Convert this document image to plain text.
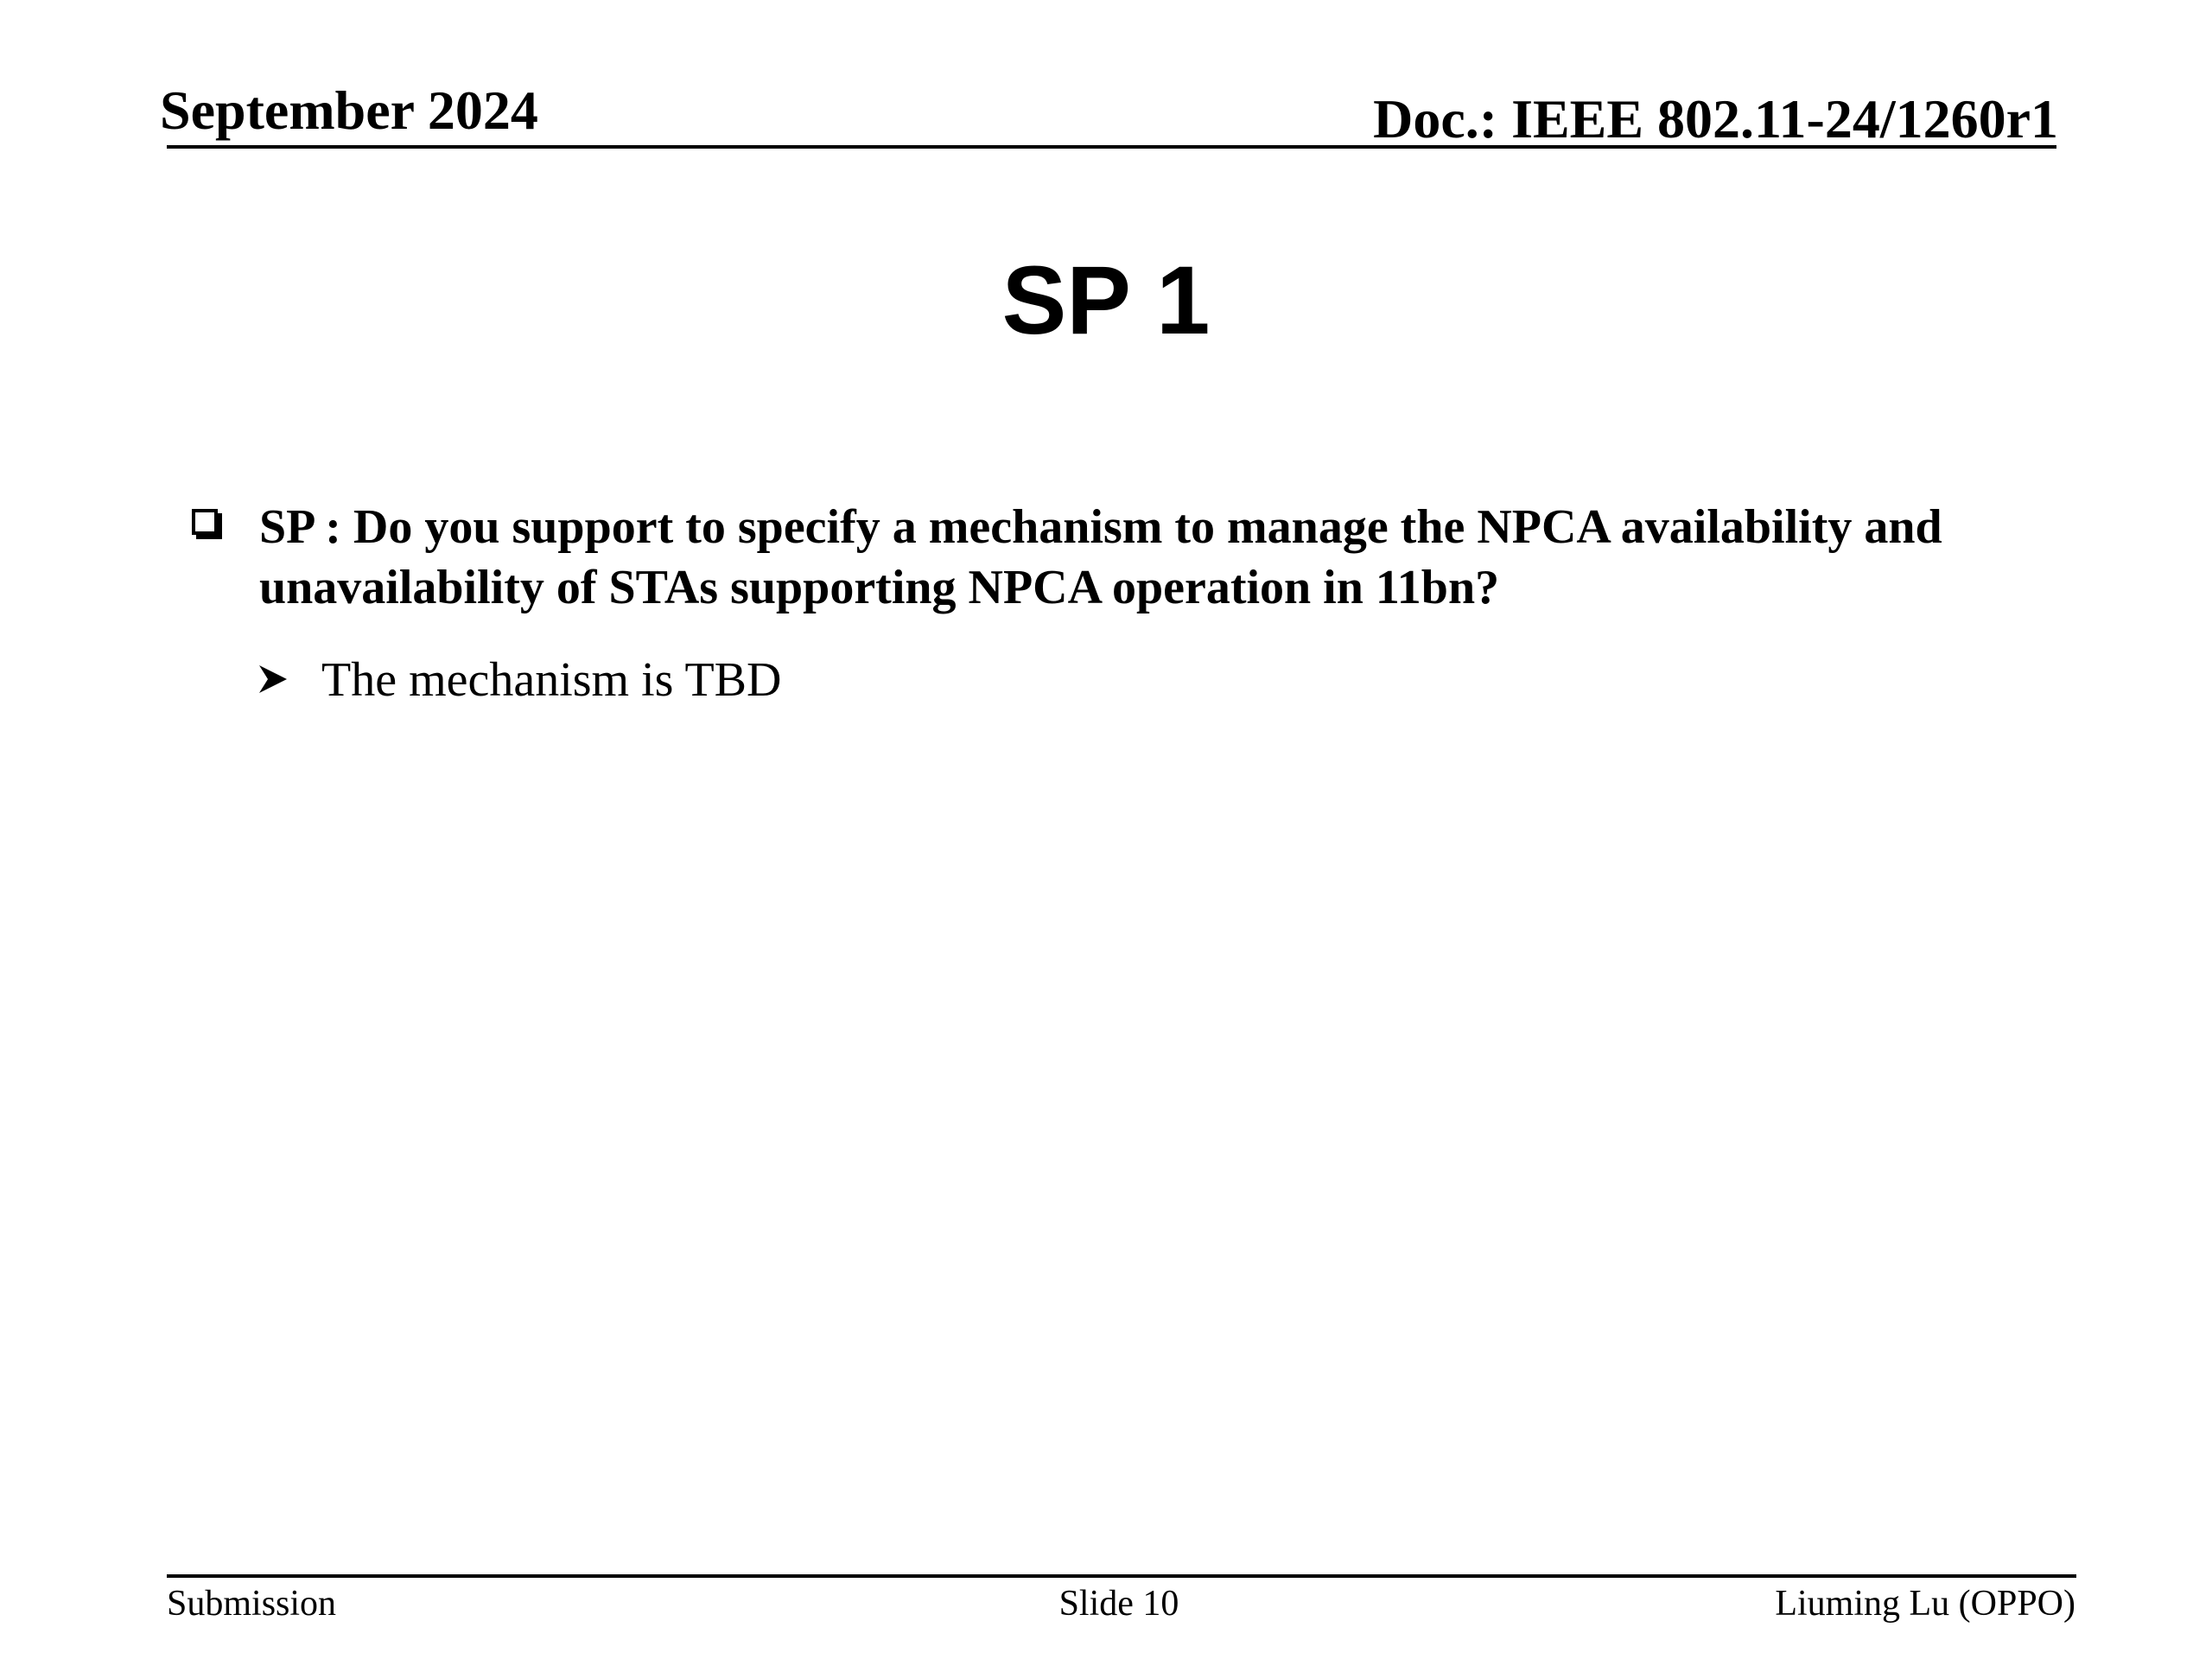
September 2024	Doc.: IEEE 802.11-24/1260r1
SP 1
SP : Do you support to specify a mechanism to manage the NPCA availability and unavailability of STAs supporting NPCA operation in 11bn?
The mechanism is TBD
Submission	Slide 10	Liuming Lu (OPPO)
